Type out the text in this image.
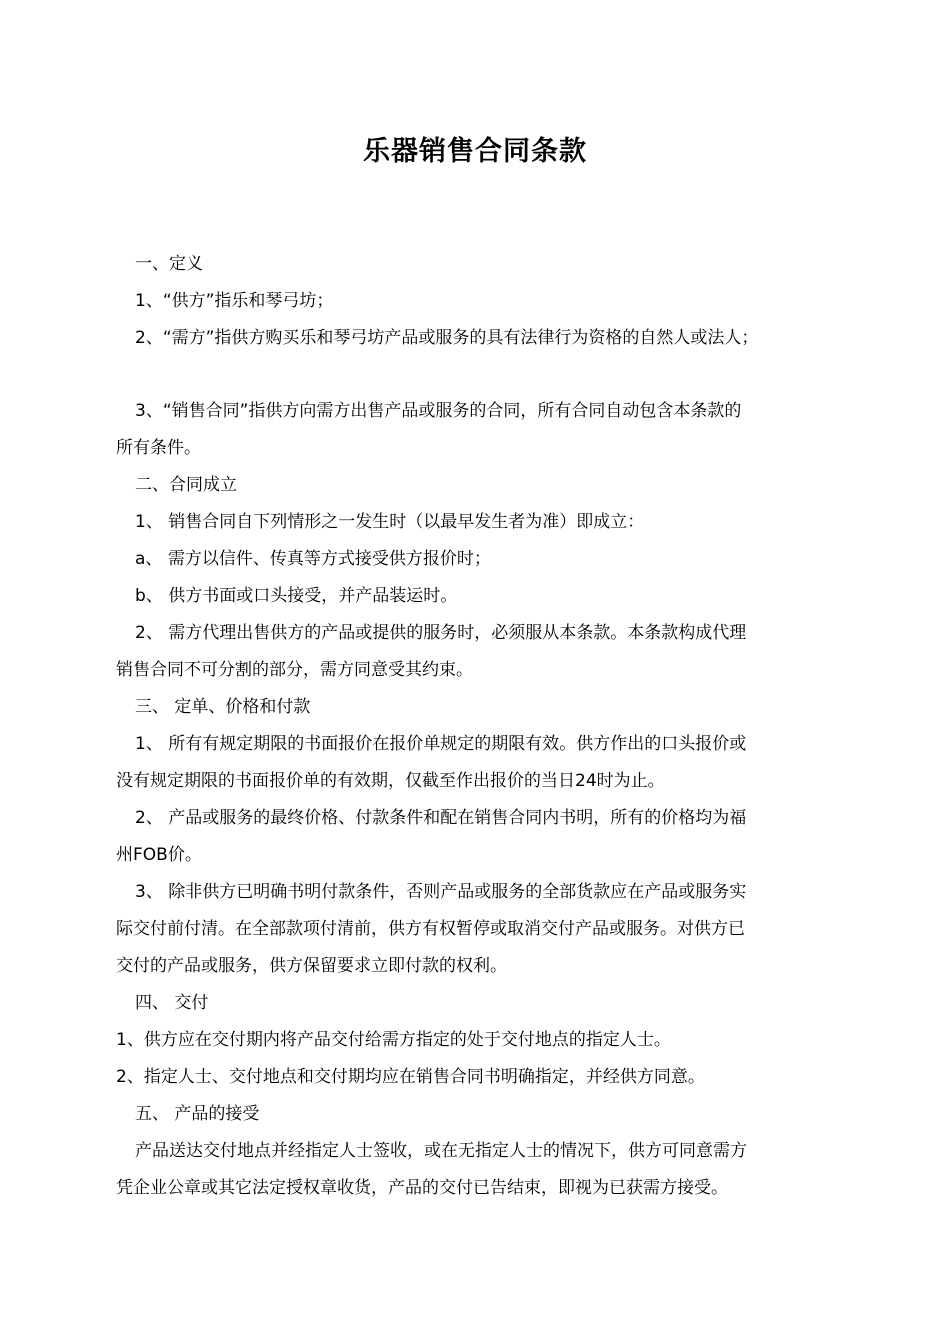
乐器销售合同条款
一、定义
1、“供方”指乐和琴弓坊；
2、“需方”指供方购买乐和琴弓坊产品或服务的具有法律行为资格的自然人或法人；
3、“销售合同”指供方向需方出售产品或服务的合同，所有合同自动包含本条款的
所有条件。
二、合同成立
1、 销售合同自下列情形之一发生时（以最早发生者为准）即成立：
a、 需方以信件、传真等方式接受供方报价时；
b、 供方书面或口头接受，并产品装运时。
2、 需方代理出售供方的产品或提供的服务时，必须服从本条款。本条款构成代理
销售合同不可分割的部分，需方同意受其约束。
三、 定单、价格和付款
1、 所有有规定期限的书面报价在报价单规定的期限有效。供方作出的口头报价或
没有规定期限的书面报价单的有效期，仅截至作出报价的当日24时为止。
2、 产品或服务的最终价格、付款条件和配在销售合同内书明，所有的价格均为福
州FOB价。
3、 除非供方已明确书明付款条件，否则产品或服务的全部货款应在产品或服务实
际交付前付清。在全部款项付清前，供方有权暂停或取消交付产品或服务。对供方已
交付的产品或服务，供方保留要求立即付款的权利。
四、 交付
1、供方应在交付期内将产品交付给需方指定的处于交付地点的指定人士。
2、指定人士、交付地点和交付期均应在销售合同书明确指定，并经供方同意。
五、 产品的接受
产品送达交付地点并经指定人士签收，或在无指定人士的情况下，供方可同意需方
凭企业公章或其它法定授权章收货，产品的交付已告结束，即视为已获需方接受。
